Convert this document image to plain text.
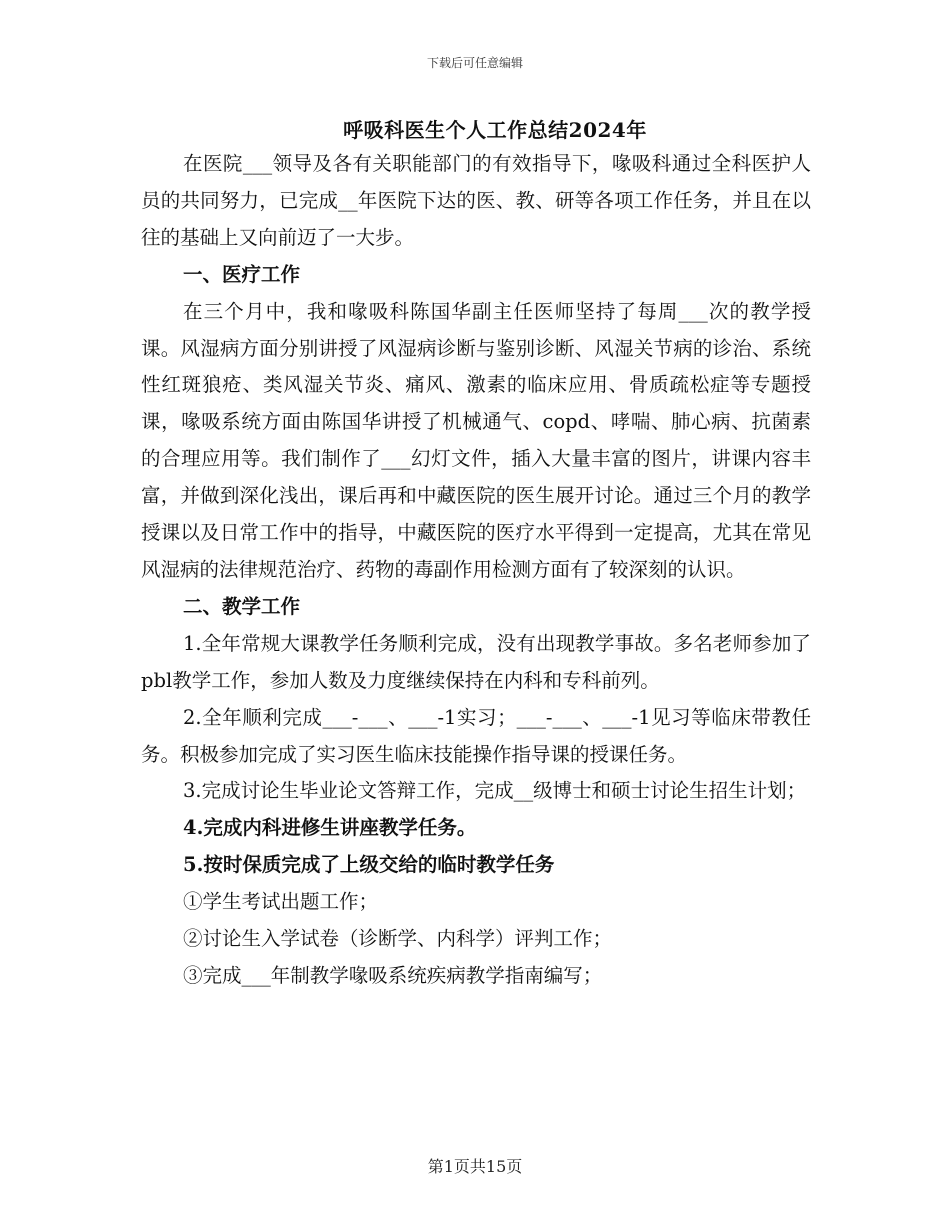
下载后可任意编辑
呼吸科医生个人工作总结2024年

在医院___领导及各有关职能部门的有效指导下，喙吸科通过全科医护人员的共同努力，已完成__年医院下达的医、教、研等各项工作任务，并且在以往的基础上又向前迈了一大步。

一、医疗工作

在三个月中，我和喙吸科陈国华副主任医师坚持了每周___次的教学授课。风湿病方面分别讲授了风湿病诊断与鉴别诊断、风湿关节病的诊治、系统性红斑狼疮、类风湿关节炎、痛风、激素的临床应用、骨质疏松症等专题授课，喙吸系统方面由陈国华讲授了机械通气、copd、哮喘、肺心病、抗菌素的合理应用等。我们制作了___幻灯文件，插入大量丰富的图片，讲课内容丰富，并做到深化浅出，课后再和中藏医院的医生展开讨论。通过三个月的教学授课以及日常工作中的指导，中藏医院的医疗水平得到一定提高，尤其在常见风湿病的法律规范治疗、药物的毒副作用检测方面有了较深刻的认识。

二、教学工作

1.全年常规大课教学任务顺利完成，没有出现教学事故。多名老师参加了pbl教学工作，参加人数及力度继续保持在内科和专科前列。

2.全年顺利完成___-___、___-1实习；___-___、___-1见习等临床带教任务。积极参加完成了实习医生临床技能操作指导课的授课任务。

3.完成讨论生毕业论文答辩工作，完成__级博士和硕士讨论生招生计划；

4.完成内科进修生讲座教学任务。

5.按时保质完成了上级交给的临时教学任务

①学生考试出题工作；

②讨论生入学试卷（诊断学、内科学）评判工作；

③完成___年制教学喙吸系统疾病教学指南编写；

第1页共15页
